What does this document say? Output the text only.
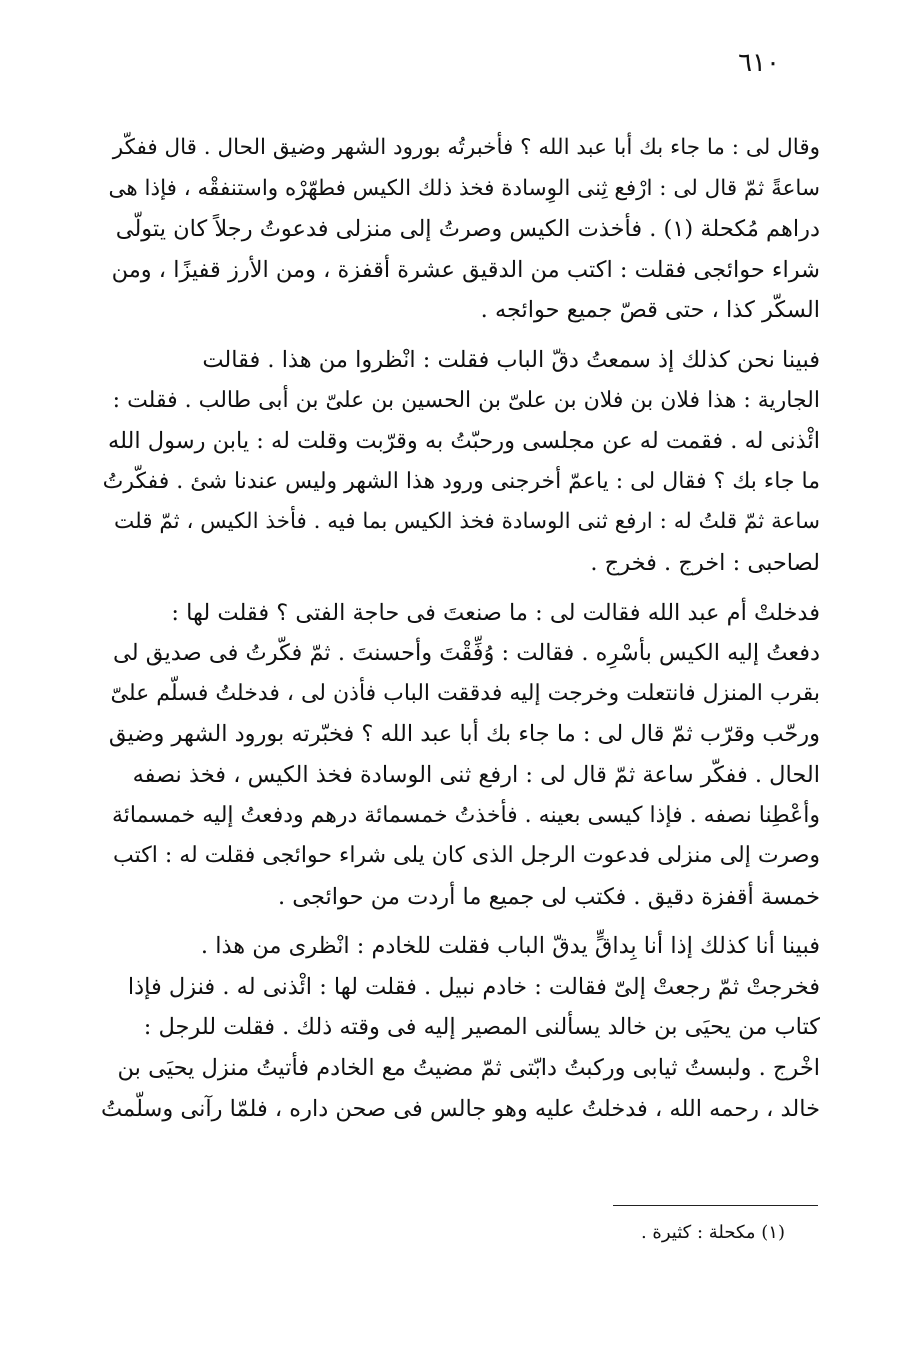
٦١٠
وقال لى : ما جاء بك أبا عبد الله ؟ فأخبرتُه بورود الشهر وضيق الحال . قال ففكّر
ساعةً ثمّ قال لى : ارْفع ثِنى الوِسادة فخذ ذلك الكيس فطهّرْه واستنفقْه ، فإذا هى
دراهم مُكحلة (١) . فأخذت الكيس وصرتُ إلى منزلى فدعوتُ رجلاً كان يتولّى
شراء حوائجى فقلت : اكتب من الدقيق عشرة أقفزة ، ومن الأرز قفيزًا ، ومن
السكّر كذا ، حتى قصّ جميع حوائجه .
فبينا نحن كذلك إذ سمعتُ دقّ الباب فقلت : انْظروا من هذا . فقالت
الجارية : هذا فلان بن فلان بن علىّ بن الحسين بن علىّ بن أبى طالب . فقلت :
ائْذنى له . فقمت له عن مجلسى ورحبّتُ به وقرّبت وقلت له : يابن رسول الله
ما جاء بك ؟ فقال لى : ياعمّ أخرجنى ورود هذا الشهر وليس عندنا شئ . ففكّرتُ
ساعة ثمّ قلتُ له : ارفع ثنى الوسادة فخذ الكيس بما فيه . فأخذ الكيس ، ثمّ قلت
لصاحبى : اخرج . فخرج .
فدخلتْ أم عبد الله فقالت لى : ما صنعتَ فى حاجة الفتى ؟ فقلت لها :
دفعتُ إليه الكيس بأسْرِه . فقالت : وُفِّقْتَ وأحسنتَ . ثمّ فكّرتُ فى صديق لى
بقرب المنزل فانتعلت وخرجت إليه فدققت الباب فأذن لى ، فدخلتُ فسلّم علىّ
ورحّب وقرّب ثمّ قال لى : ما جاء بك أبا عبد الله ؟ فخبّرته بورود الشهر وضيق
الحال . ففكّر ساعة ثمّ قال لى : ارفع ثنى الوسادة فخذ الكيس ، فخذ نصفه
وأعْطِنا نصفه . فإذا كيسى بعينه . فأخذتُ خمسمائة درهم ودفعتُ إليه خمسمائة
وصرت إلى منزلى فدعوت الرجل الذى كان يلى شراء حوائجى فقلت له : اكتب
خمسة أقفزة دقيق . فكتب لى جميع ما أردت من حوائجى .
فبينا أنا كذلك إذا أنا بِداقٍّ يدقّ الباب فقلت للخادم : انْظرى من هذا .
فخرجتْ ثمّ رجعتْ إلىّ فقالت : خادم نبيل . فقلت لها : ائْذنى له . فنزل فإذا
كتاب من يحيَى بن خالد يسألنى المصير إليه فى وقته ذلك . فقلت للرجل :
اخْرج . ولبستُ ثيابى وركبتُ دابّتى ثمّ مضيتُ مع الخادم فأتيتُ منزل يحيَى بن
خالد ، رحمه الله ، فدخلتُ عليه وهو جالس فى صحن داره ، فلمّا رآنى وسلّمتُ
(١) مكحلة : كثيرة .
